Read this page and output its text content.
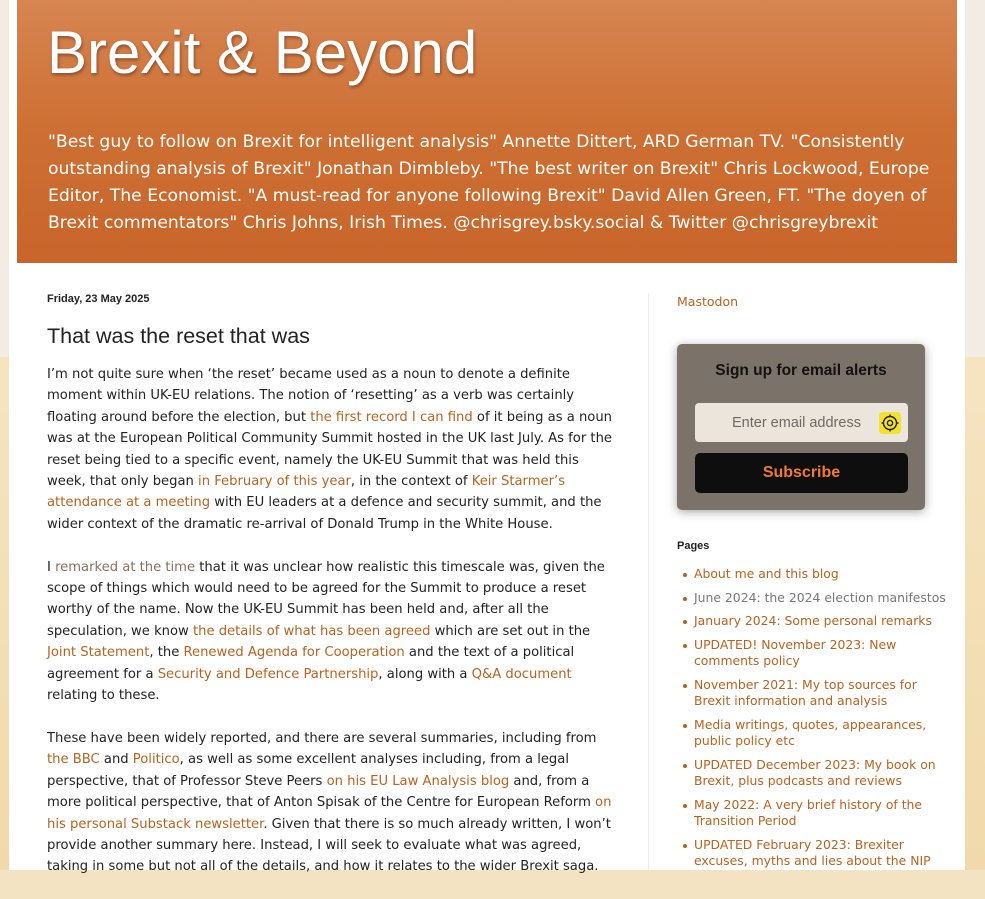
Brexit & Beyond

"Best guy to follow on Brexit for intelligent analysis" Annette Dittert, ARD German TV. "Consistently outstanding analysis of Brexit" Jonathan Dimbleby. "The best writer on Brexit" Chris Lockwood, Europe Editor, The Economist. "A must-read for anyone following Brexit" David Allen Green, FT. "The doyen of Brexit commentators" Chris Johns, Irish Times. @chrisgrey.bsky.social & Twitter @chrisgreybrexit

Friday, 23 May 2025
That was the reset that was

I’m not quite sure when ‘the reset’ became used as a noun to denote a definite moment within UK-EU relations. The notion of ‘resetting’ as a verb was certainly floating around before the election, but the first record I can find of it being as a noun was at the European Political Community Summit hosted in the UK last July. As for the reset being tied to a specific event, namely the UK-EU Summit that was held this week, that only began in February of this year, in the context of Keir Starmer’s attendance at a meeting with EU leaders at a defence and security summit, and the wider context of the dramatic re-arrival of Donald Trump in the White House.

I remarked at the time that it was unclear how realistic this timescale was, given the scope of things which would need to be agreed for the Summit to produce a reset worthy of the name. Now the UK-EU Summit has been held and, after all the speculation, we know the details of what has been agreed which are set out in the Joint Statement, the Renewed Agenda for Cooperation and the text of a political agreement for a Security and Defence Partnership, along with a Q&A document relating to these.

These have been widely reported, and there are several summaries, including from the BBC and Politico, as well as some excellent analyses including, from a legal perspective, that of Professor Steve Peers on his EU Law Analysis blog and, from a more political perspective, that of Anton Spisak of the Centre for European Reform on his personal Substack newsletter. Given that there is so much already written, I won’t provide another summary here. Instead, I will seek to evaluate what was agreed, taking in some but not all of the details, and how it relates to the wider Brexit saga.

Mastodon
Sign up for email alerts
Enter email address
Subscribe
Pages
About me and this blog
June 2024: the 2024 election manifestos
January 2024: Some personal remarks
UPDATED! November 2023: New comments policy
November 2021: My top sources for Brexit information and analysis
Media writings, quotes, appearances, public policy etc
UPDATED December 2023: My book on Brexit, plus podcasts and reviews
May 2022: A very brief history of the Transition Period
UPDATED February 2023: Brexiter excuses, myths and lies about the NIP
